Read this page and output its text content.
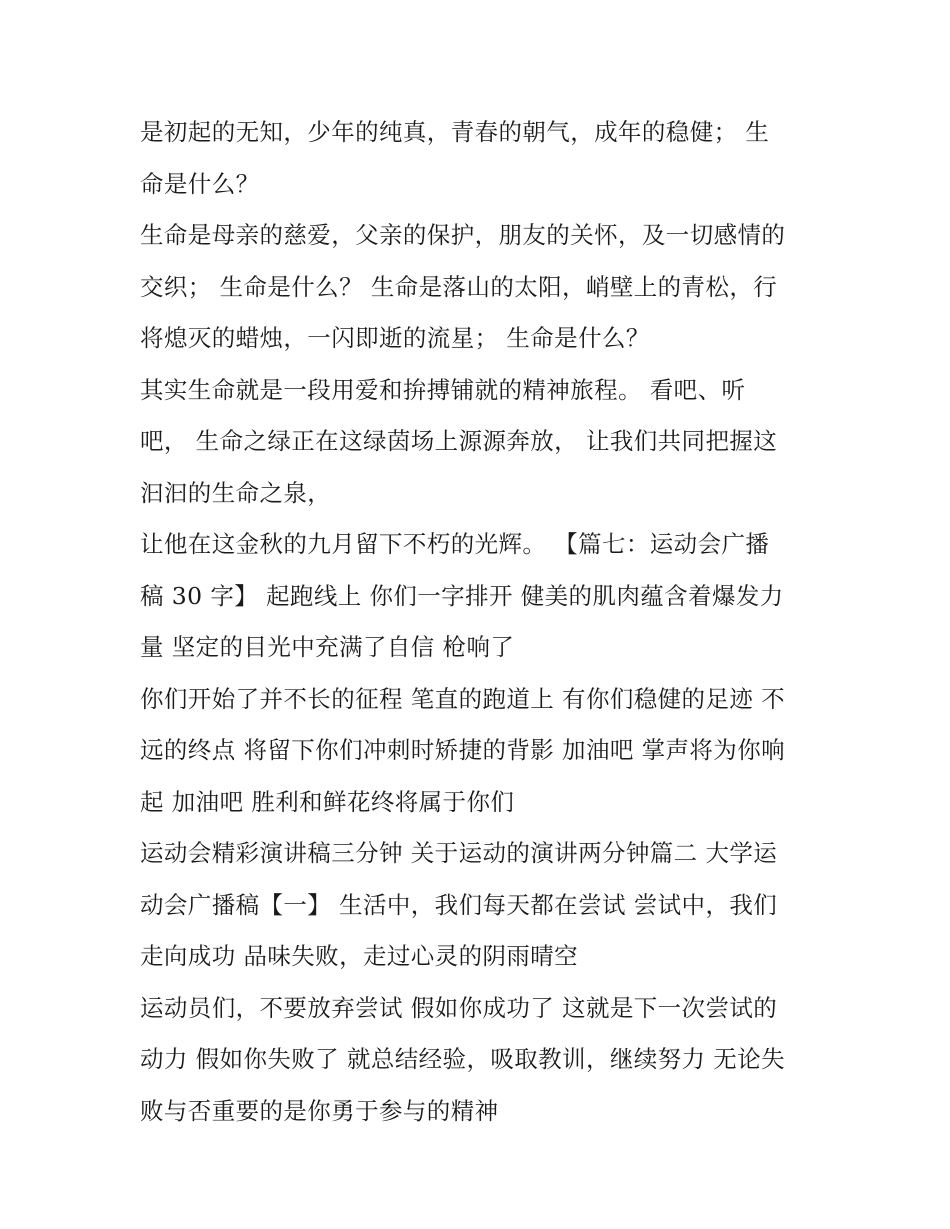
是初起的无知，少年的纯真，青春的朝气，成年的稳健； 生
命是什么？
生命是母亲的慈爱，父亲的保护，朋友的关怀，及一切感情的
交织； 生命是什么？ 生命是落山的太阳，峭壁上的青松，行
将熄灭的蜡烛，一闪即逝的流星； 生命是什么？
其实生命就是一段用爱和拚搏铺就的精神旅程。 看吧、听
吧， 生命之绿正在这绿茵场上源源奔放， 让我们共同把握这
汩汩的生命之泉，
让他在这金秋的九月留下不朽的光辉。 【篇七：运动会广播
稿 30 字】 起跑线上 你们一字排开 健美的肌肉蕴含着爆发力
量 坚定的目光中充满了自信 枪响了
你们开始了并不长的征程 笔直的跑道上 有你们稳健的足迹 不
远的终点 将留下你们冲刺时矫捷的背影 加油吧 掌声将为你响
起 加油吧 胜利和鲜花终将属于你们
运动会精彩演讲稿三分钟 关于运动的演讲两分钟篇二 大学运
动会广播稿【一】 生活中，我们每天都在尝试 尝试中，我们
走向成功 品味失败，走过心灵的阴雨晴空
运动员们，不要放弃尝试 假如你成功了 这就是下一次尝试的
动力 假如你失败了 就总结经验，吸取教训，继续努力 无论失
败与否重要的是你勇于参与的精神
